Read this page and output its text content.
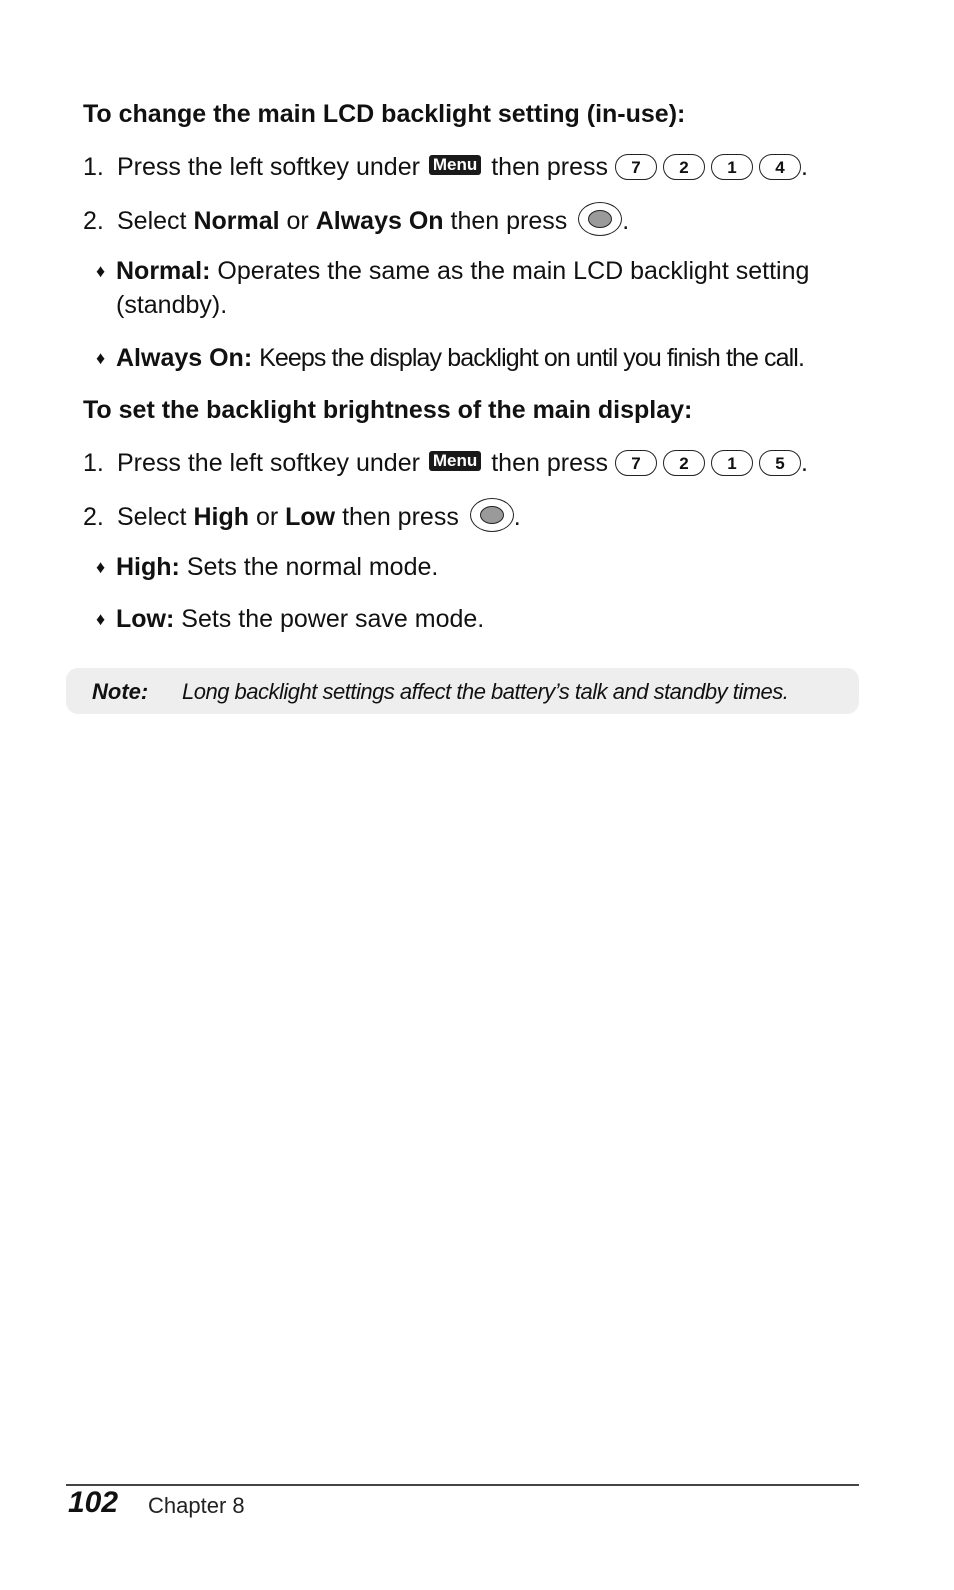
To change the main LCD backlight setting (in-use):
1. Press the left softkey under Menu then press 7 2 1 4 .
2. Select Normal or Always On then press .
♦ Normal: Operates the same as the main LCD backlight setting
(standby).
♦ Always On: Keeps the display backlight on until you finish the call.
To set the backlight brightness of the main display:
1. Press the left softkey under Menu then press 7 2 1 5 .
2. Select High or Low then press .
♦ High: Sets the normal mode.
♦ Low: Sets the power save mode.
Note: Long backlight settings affect the battery’s talk and standby times.
102 Chapter 8
